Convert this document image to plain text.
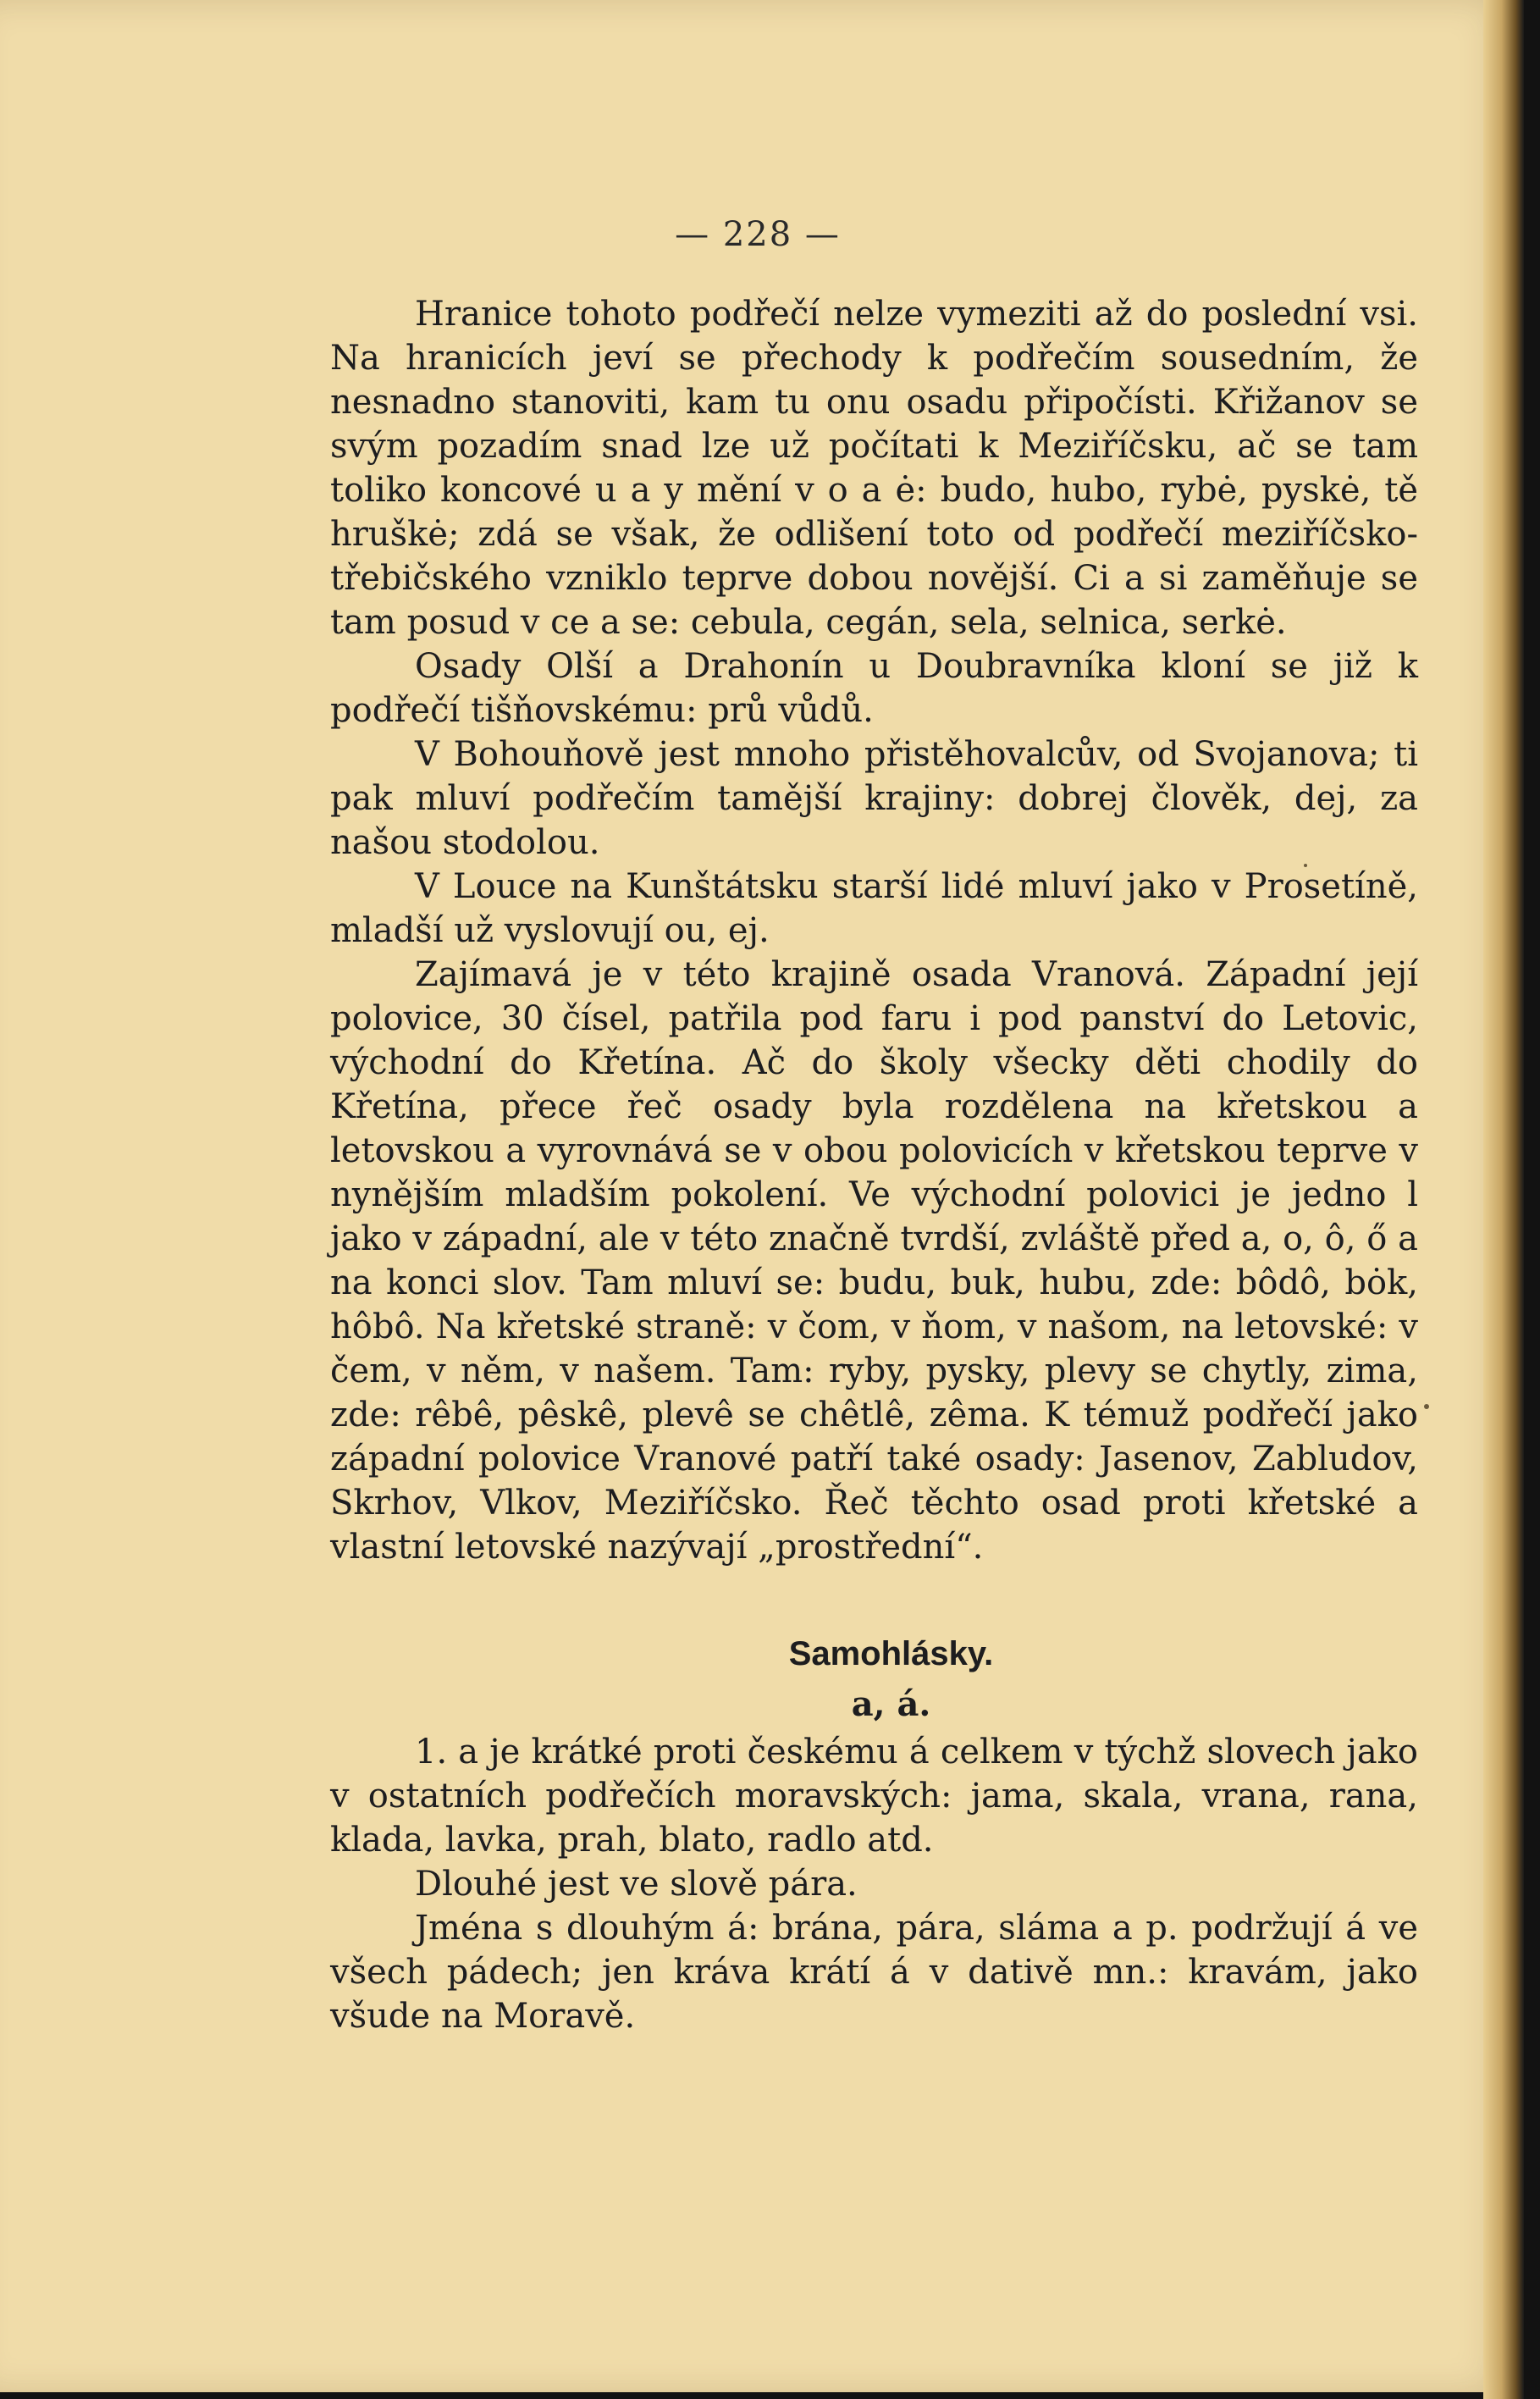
— 228 —

Hranice tohoto podřečí nelze vymeziti až do poslední vsi. Na hranicích jeví se přechody k podřečím sousedním, že nesnadno stanoviti, kam tu onu osadu připočísti. Křižanov se svým pozadím snad lze už počítati k Meziříčsku, ač se tam toliko koncové u a y mění v o a ė: budo, hubo, rybė, pyskė, tě hruškė; zdá se však, že odlišení toto od podřečí meziříčsko-třebičského vzniklo teprve dobou novější. Ci a si zaměňuje se tam posud v ce a se: cebula, cegán, sela, selnica, serkė.

Osady Olší a Drahonín u Doubravníka kloní se již k podřečí tišňovskému: prů vůdů.

V Bohouňově jest mnoho přistěhovalcův, od Svojanova; ti pak mluví podřečím tamější krajiny: dobrej člověk, dej, za našou stodolou.

V Louce na Kunštátsku starší lidé mluví jako v Prosetíně, mladší už vyslovují ou, ej.

Zajímavá je v této krajině osada Vranová. Západní její polovice, 30 čísel, patřila pod faru i pod panství do Letovic, východní do Křetína. Ač do školy všecky děti chodily do Křetína, přece řeč osady byla rozdělena na křetskou a letovskou a vyrovnává se v obou polovicích v křetskou teprve v nynějším mladším pokolení. Ve východní polovici je jedno l jako v západní, ale v této značně tvrdší, zvláště před a, o, ô, ő a na konci slov. Tam mluví se: budu, buk, hubu, zde: bôdô, bȯk, hôbô. Na křetské straně: v čom, v ňom, v našom, na letovské: v čem, v něm, v našem. Tam: ryby, pysky, plevy se chytly, zima, zde: rêbê, pêskê, plevê se chêtlê, zêma. K témuž podřečí jako západní polovice Vranové patří také osady: Jasenov, Zabludov, Skrhov, Vlkov, Meziříčsko. Řeč těchto osad proti křetské a vlastní letovské nazývají „prostřední“.

Samohlásky.
a, á.

1. a je krátké proti českému á celkem v týchž slovech jako v ostatních podřečích moravských: jama, skala, vrana, rana, klada, lavka, prah, blato, radlo atd.

Dlouhé jest ve slově pára.

Jména s dlouhým á: brána, pára, sláma a p. podržují á ve všech pádech; jen kráva krátí á v dativě mn.: kravám, jako všude na Moravě.
